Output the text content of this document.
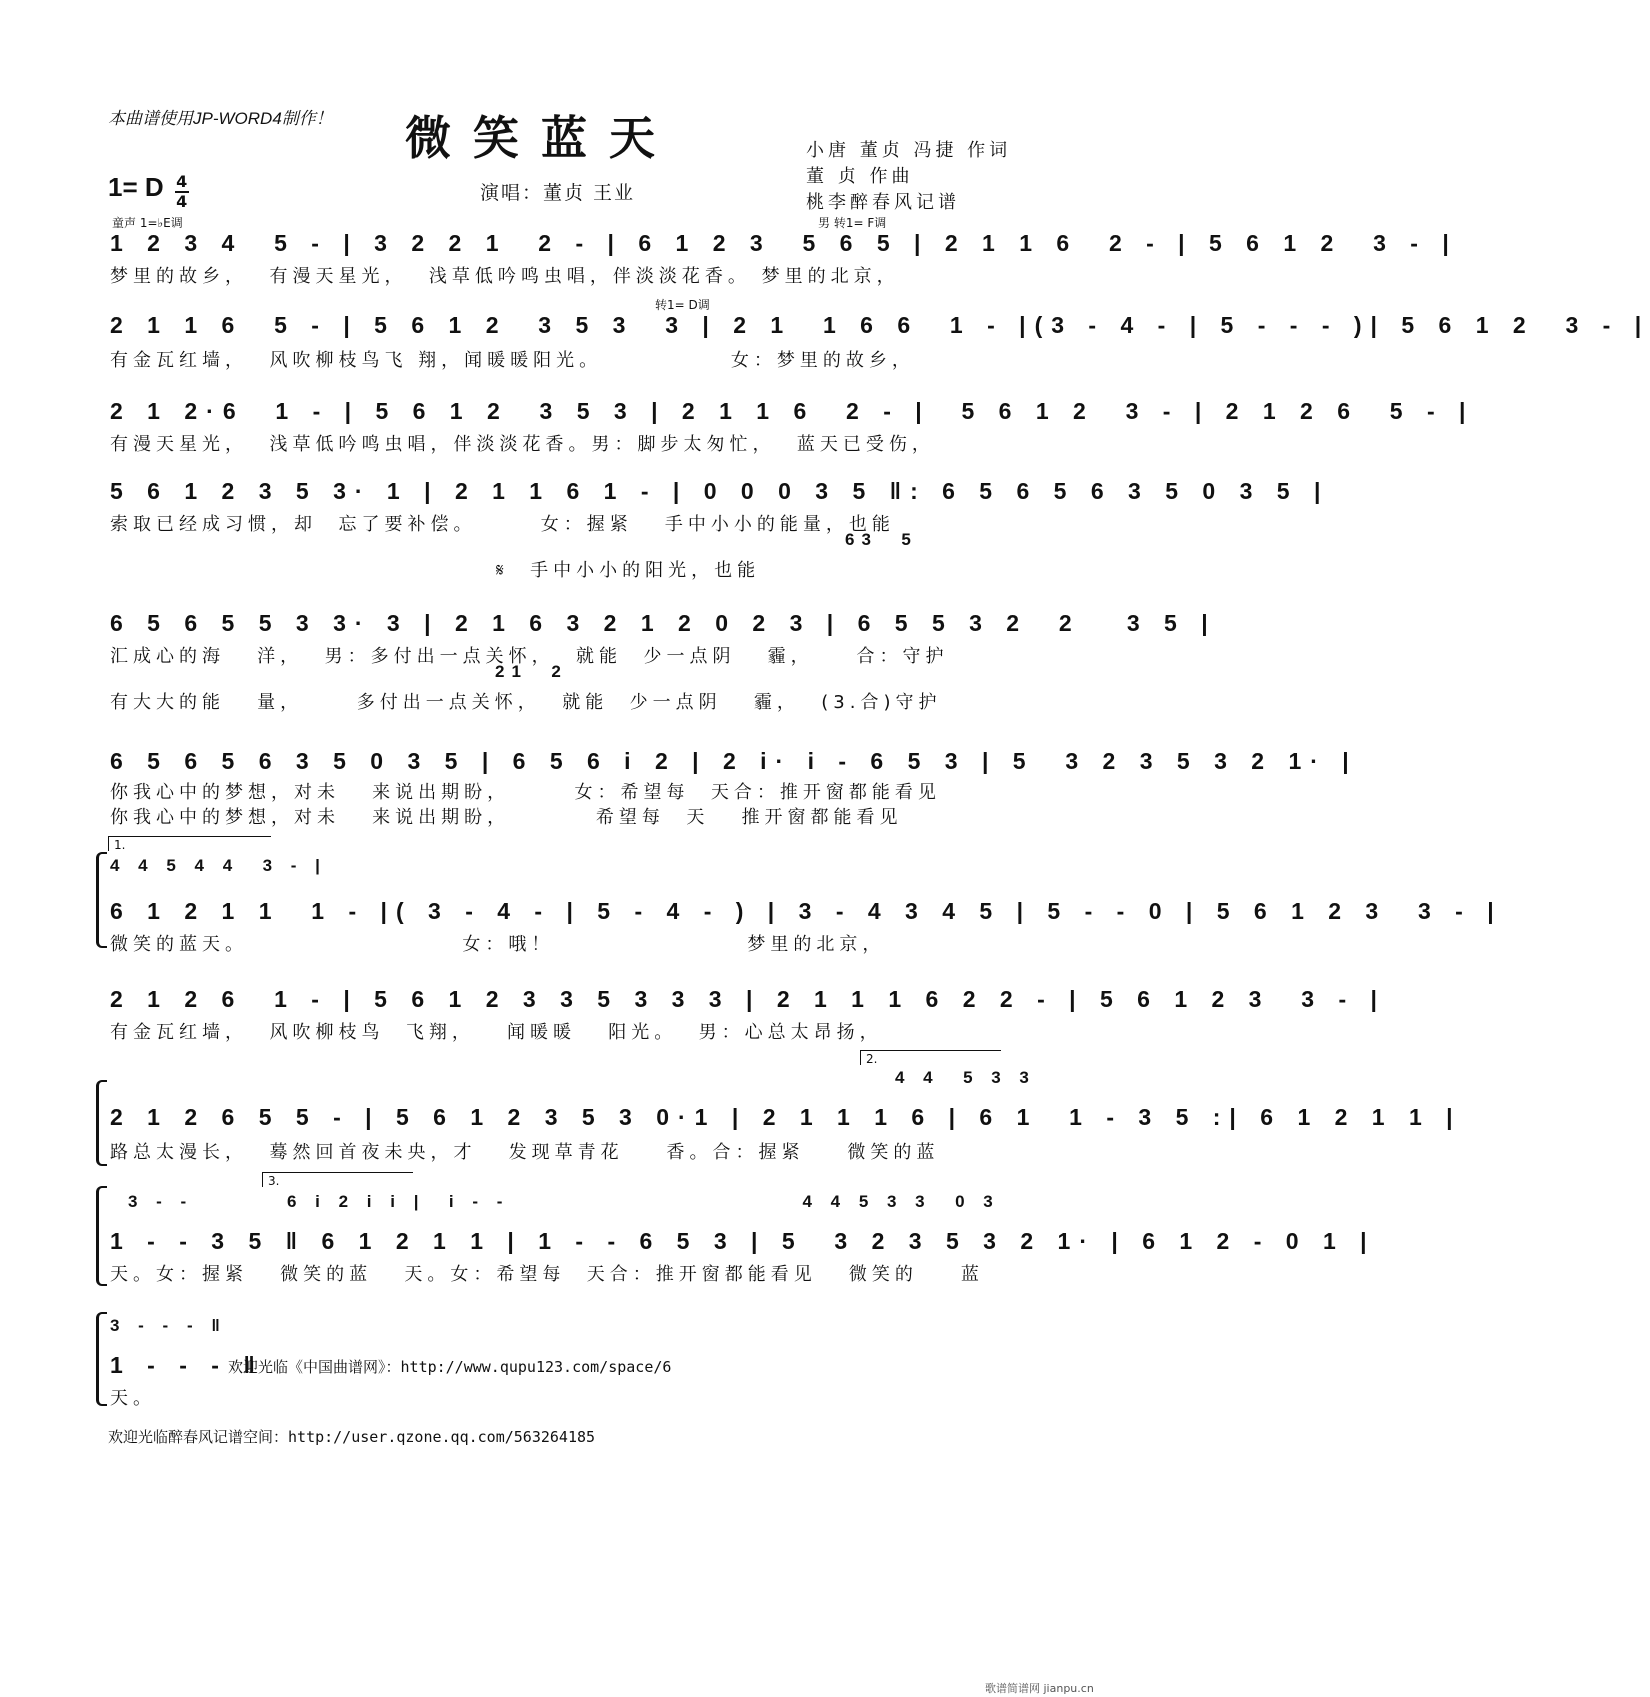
本曲谱使用JP-WORD4制作！ 微笑蓝天	小唐 董贞 冯捷 作词
董 贞 作曲
桃李醉春风记谱
1= D $\frac{4}{4}$	演唱：董贞 王业
童声 1=♭E调	男 转1= F调
1 2 3 4  5 - | 3 2 2 1  2 - | 6 1 2 3  5 6 5 | 2 1 1 6  2 - | 5 6 1 2  3 - |
梦里的故乡，  有漫天星光，  浅草低吟鸣虫唱，伴淡淡花香。 梦里的北京，
转1= D调
2 1 1 6  5 - | 5 6 1 2  3 5 3  3 | 2 1  1 6 6  1 - |(3 - 4 - | 5 - - - )| 5 6 1 2  3 - |
有金瓦红墙，  风吹柳枝鸟飞 翔，闻暖暖阳光。            女：梦里的故乡，
2 1 2·6  1 - | 5 6 1 2  3 5 3 | 2 1 1 6  2 - |  5 6 1 2  3 - | 2 1 2 6  5 - |
有漫天星光，  浅草低吟鸣虫唱，伴淡淡花香。男：脚步太匆忙，  蓝天已受伤，
5 6 1 2 3 5 3· 1 | 2 1 1 6 1 - | 0 0 0 3 5 ‖: 6 5 6 5 6 3 5 0 3 5 |
索取已经成习惯，却  忘了要补偿。      女：握紧   手中小小的能量，也能
63  5
𝄋  手中小小的阳光，也能
6 5 6 5 5 3 3· 3 | 2 1 6 3 2 1 2 0 2 3 | 6 5 5 3 2  2   3 5 |
汇成心的海   洋，  男：多付出一点关怀，  就能  少一点阴   霾，    合：守护
21  2
有大大的能   量，     多付出一点关怀，  就能  少一点阴   霾，  (3.合)守护
6 5 6 5 6 3 5 0 3 5 | 6 5 6 i 2 | 2 i· i - 6 5 3 | 5  3 2 3 5 3 2 1· |
你我心中的梦想，对未   来说出期盼，      女：希望每  天合：推开窗都能看见
你我心中的梦想，对未   来说出期盼，        希望每  天   推开窗都能看见
1.
4 4 5 4 4  3 - |
6 1 2 1 1  1 - |( 3 - 4 - | 5 - 4 - ) | 3 - 4 3 4 5 | 5 - - 0 | 5 6 1 2 3  3 - |
微笑的蓝天。                    女：哦！                  梦里的北京，
2 1 2 6  1 - | 5 6 1 2 3 3 5 3 3 3 | 2 1 1 1 6 2 2 - | 5 6 1 2 3  3 - |
有金瓦红墙，  风吹柳枝鸟  飞翔，   闻暖暖   阳光。  男：心总太昂扬，
2.
4 4  5 3 3
2 1 2 6 5 5 - | 5 6 1 2 3 5 3 0·1 | 2 1 1 1 6 | 6 1  1 - 3 5 :| 6 1 2 1 1 |
路总太漫长，  蓦然回首夜未央，才   发现草青花    香。合：握紧    微笑的蓝
3.
3 - -        6 i 2 i i |  i - -                         4 4 5 3 3  0 3
1 - - 3 5 ‖ 6 1 2 1 1 | 1 - - 6 5 3 | 5  3 2 3 5 3 2 1· | 6 1 2 - 0 1 |
天。女：握紧   微笑的蓝   天。女：希望每  天合：推开窗都能看见   微笑的    蓝
3 - - - ‖
1 - - - ‖
欢迎光临《中国曲谱网》：http://www.qupu123.com/space/6
天。
欢迎光临醉春风记谱空间：http://user.qzone.qq.com/563264185
歌谱简谱网 jianpu.cn
